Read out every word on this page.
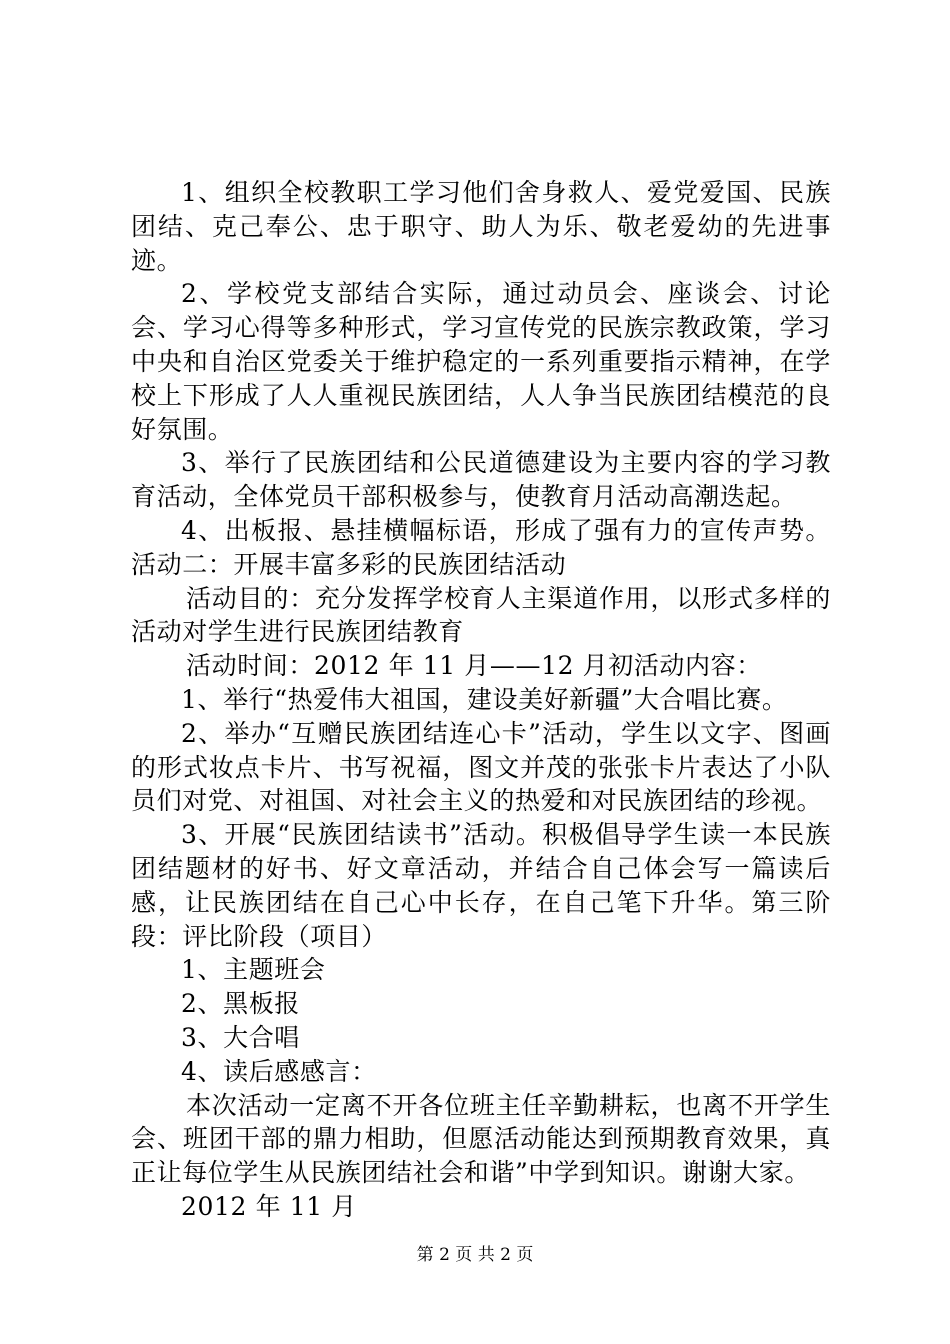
1、组织全校教职工学习他们舍身救人、爱党爱国、民族团结、克己奉公、忠于职守、助人为乐、敬老爱幼的先进事迹。

2、学校党支部结合实际，通过动员会、座谈会、讨论会、学习心得等多种形式，学习宣传党的民族宗教政策，学习中央和自治区党委关于维护稳定的一系列重要指示精神，在学校上下形成了人人重视民族团结，人人争当民族团结模范的良好氛围。

3、举行了民族团结和公民道德建设为主要内容的学习教育活动，全体党员干部积极参与，使教育月活动高潮迭起。

4、出板报、悬挂横幅标语，形成了强有力的宣传声势。活动二：开展丰富多彩的民族团结活动

活动目的：充分发挥学校育人主渠道作用，以形式多样的活动对学生进行民族团结教育

活动时间：2012 年 11 月——12 月初活动内容：

1、举行“热爱伟大祖国，建设美好新疆”大合唱比赛。

2、举办“互赠民族团结连心卡”活动，学生以文字、图画的形式妆点卡片、书写祝福，图文并茂的张张卡片表达了小队员们对党、对祖国、对社会主义的热爱和对民族团结的珍视。

3、开展“民族团结读书”活动。积极倡导学生读一本民族团结题材的好书、好文章活动，并结合自己体会写一篇读后感，让民族团结在自己心中长存，在自己笔下升华。第三阶段：评比阶段（项目）

1、主题班会

2、黑板报

3、大合唱

4、读后感感言：

本次活动一定离不开各位班主任辛勤耕耘，也离不开学生会、班团干部的鼎力相助，但愿活动能达到预期教育效果，真正让每位学生从民族团结社会和谐”中学到知识。谢谢大家。

2012 年 11 月

第 2 页 共 2 页
